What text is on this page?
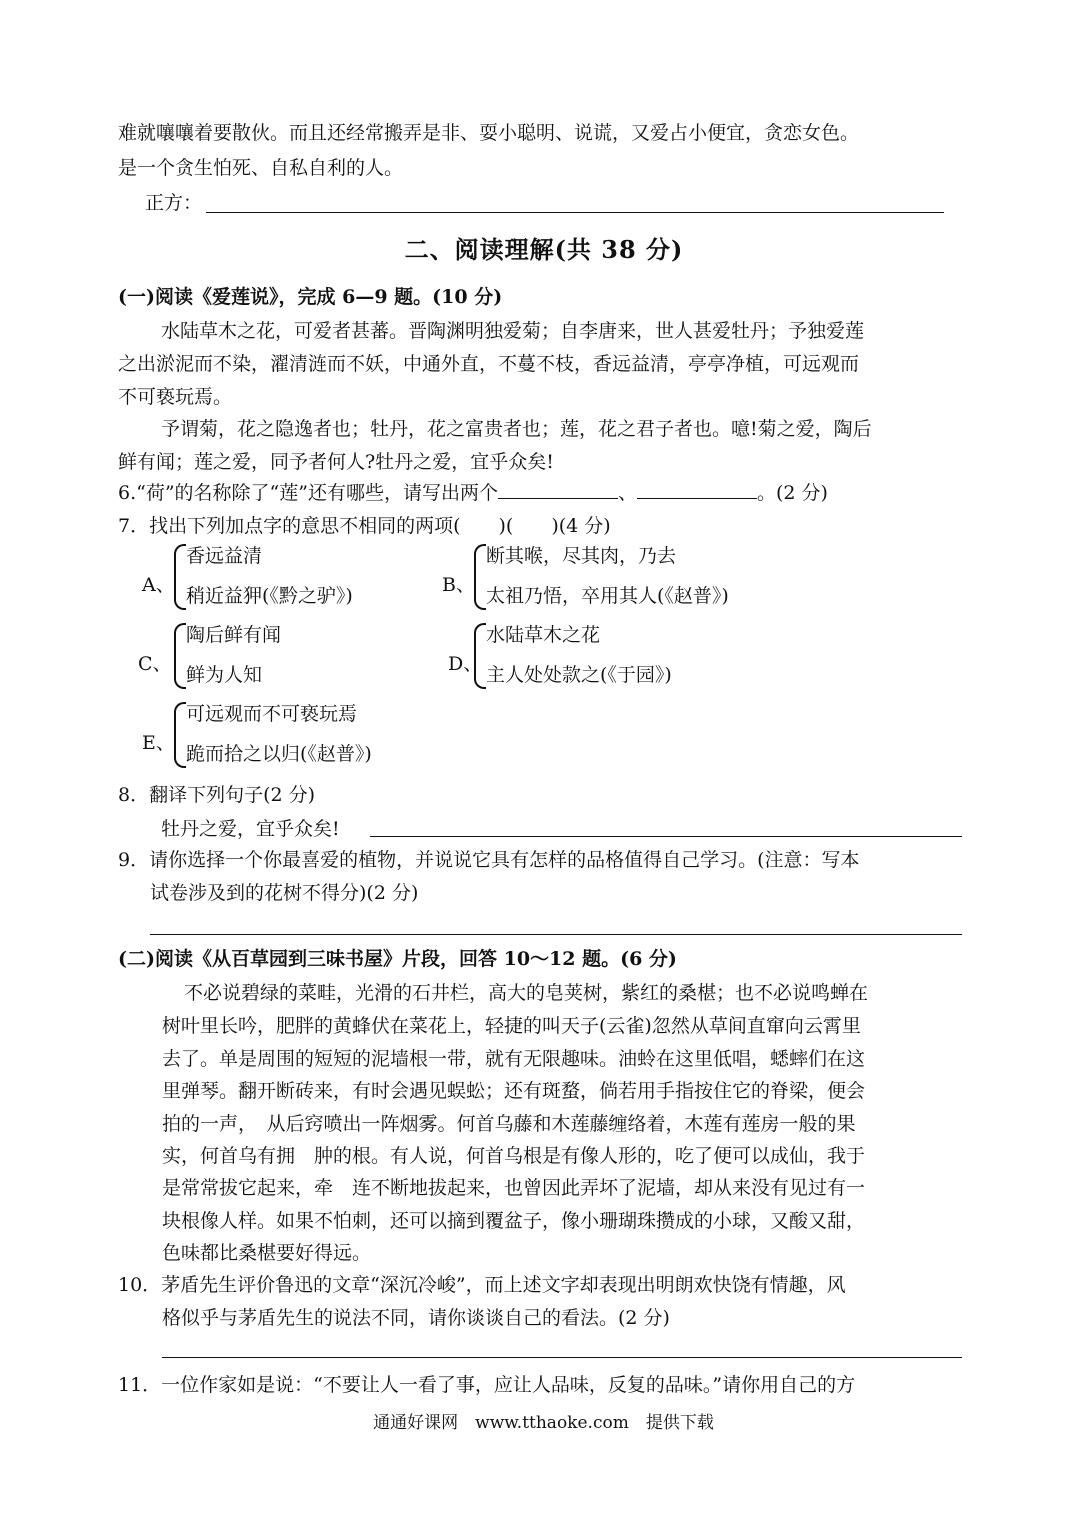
难就嚷嚷着要散伙。而且还经常搬弄是非、耍小聪明、说谎，又爱占小便宜，贪恋女色。
是一个贪生怕死、自私自利的人。
正方：
二、阅读理解(共 38 分)
(一)阅读《爱莲说》，完成 6—9 题。(10 分)
水陆草木之花，可爱者甚蕃。晋陶渊明独爱菊；自李唐来，世人甚爱牡丹；予独爱莲
之出淤泥而不染，濯清涟而不妖，中通外直，不蔓不枝，香远益清，亭亭净植，可远观而
不可亵玩焉。
予谓菊，花之隐逸者也；牡丹，花之富贵者也；莲，花之君子者也。噫!菊之爱，陶后
鲜有闻；莲之爱，同予者何人?牡丹之爱，宜乎众矣!
6.“荷”的名称除了“莲”还有哪些，请写出两个	、	。(2 分)
7．找出下列加点字的意思不相同的两项(　　)(　　)(4 分)
A、
香远益清
稍近益狎(《黔之驴》)	B、
断其喉，尽其肉，乃去
太祖乃悟，卒用其人(《赵普》)
C、
陶后鲜有闻
鲜为人知	D、
水陆草木之花
主人处处款之(《于园》)
E、
可远观而不可亵玩焉
跪而拾之以归(《赵普》)
8．翻译下列句子(2 分)
牡丹之爱，宜乎众矣!
9．请你选择一个你最喜爱的植物，并说说它具有怎样的品格值得自己学习。(注意：写本
试卷涉及到的花树不得分)(2 分)
(二)阅读《从百草园到三味书屋》片段，回答 10～12 题。(6 分)
不必说碧绿的菜畦，光滑的石井栏，高大的皂荚树，紫红的桑椹；也不必说鸣蝉在
树叶里长吟，肥胖的黄蜂伏在菜花上，轻捷的叫天子(云雀)忽然从草间直窜向云霄里
去了。单是周围的短短的泥墙根一带，就有无限趣味。油蛉在这里低唱，蟋蟀们在这
里弹琴。翻开断砖来，有时会遇见蜈蚣；还有斑蝥，倘若用手指按住它的脊梁，便会
拍的一声，　从后窍喷出一阵烟雾。何首乌藤和木莲藤缠络着，木莲有莲房一般的果
实，何首乌有拥　肿的根。有人说，何首乌根是有像人形的，吃了便可以成仙，我于
是常常拔它起来，牵　连不断地拔起来，也曾因此弄坏了泥墙，却从来没有见过有一
块根像人样。如果不怕刺，还可以摘到覆盆子，像小珊瑚珠攒成的小球，又酸又甜，
色味都比桑椹要好得远。
10．茅盾先生评价鲁迅的文章“深沉冷峻”，而上述文字却表现出明朗欢快饶有情趣，风
格似乎与茅盾先生的说法不同，请你谈谈自己的看法。(2 分)
11．一位作家如是说：“不要让人一看了事，应让人品味，反复的品味。”请你用自己的方
通通好课网　www.tthaoke.com　提供下载
